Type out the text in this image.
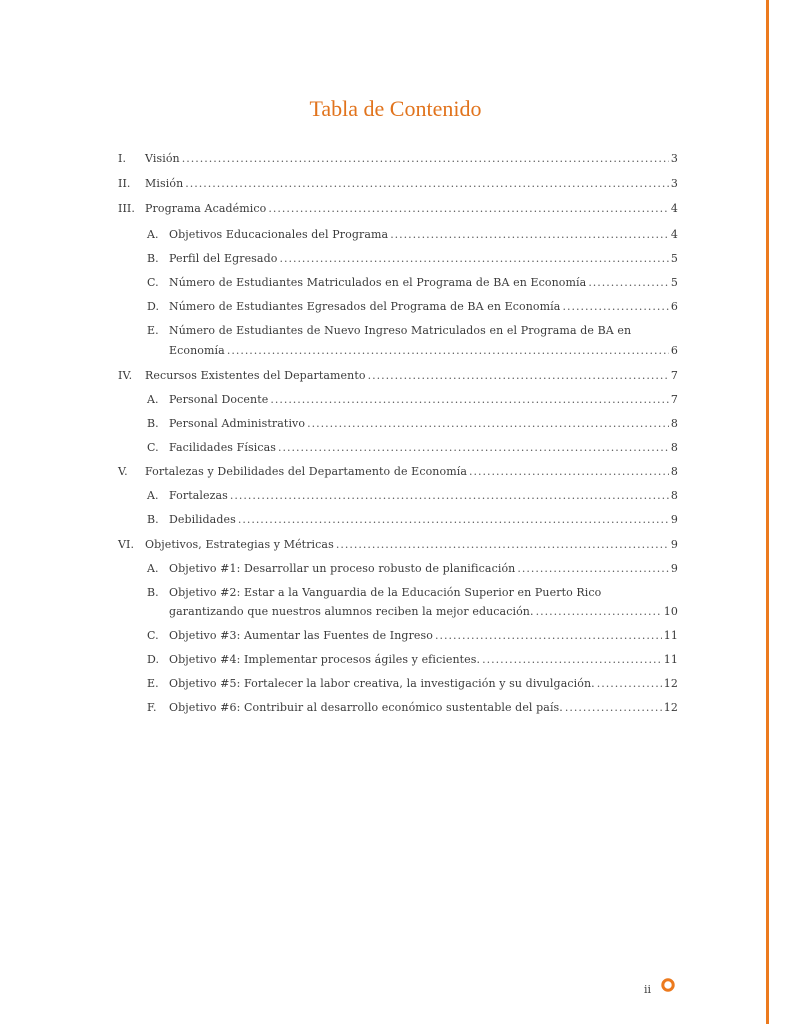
Tabla de Contenido
I. Visión .....	3
II. Misión .....	3
III. Programa Académico .....	4
A. Objetivos Educacionales del Programa .....	4
B. Perfil del Egresado .....	5
C. Número de Estudiantes Matriculados en el Programa de BA en Economía .....	5
D. Número de Estudiantes Egresados del Programa de BA en Economía .....	6
E. Número de Estudiantes de Nuevo Ingreso Matriculados en el Programa de BA en
Economía .....	6
IV. Recursos Existentes del Departamento .....	7
A. Personal Docente .....	7
B. Personal Administrativo .....	8
C. Facilidades Físicas .....	8
V. Fortalezas y Debilidades del Departamento de Economía .....	8
A. Fortalezas .....	8
B. Debilidades .....	9
VI. Objetivos, Estrategias y Métricas .....	9
A. Objetivo #1: Desarrollar un proceso robusto de planificación .....	9
B. Objetivo #2: Estar a la Vanguardia de la Educación Superior en Puerto Rico
garantizando que nuestros alumnos reciben la mejor educación. .....	10
C. Objetivo #3: Aumentar las Fuentes de Ingreso .....	11
D. Objetivo #4: Implementar procesos ágiles y eficientes. .....	11
E. Objetivo #5: Fortalecer la labor creativa, la investigación y su divulgación. .....	12
F. Objetivo #6: Contribuir al desarrollo económico sustentable del país. .....	12
ii
